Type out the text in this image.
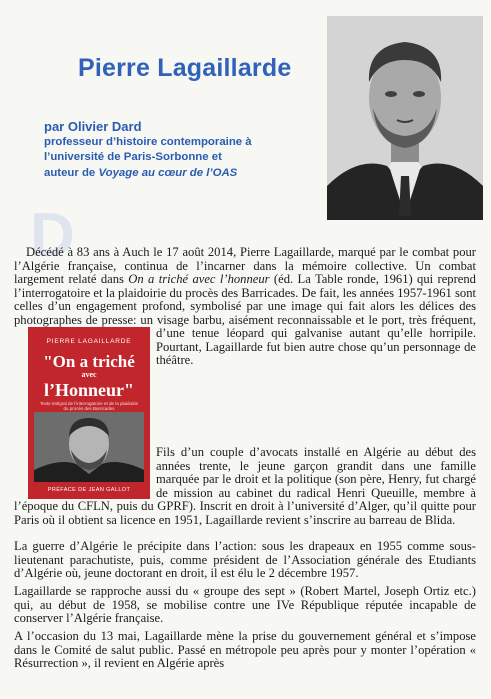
Pierre Lagaillarde
par Olivier Dard
professeur d’histoire contemporaine à
l’université de Paris-Sorbonne et
auteur de Voyage au cœur de l’OAS
D

Décédé à 83 ans à Auch le 17 août 2014, Pierre Lagaillarde, marqué par le combat pour l’Algérie française, continua de l’incarner dans la mémoire collective. Un combat largement relaté dans On a triché avec l’honneur (éd. La Table ronde, 1961) qui reprend l’interrogatoire et la plaidoirie du procès des Barricades. De fait, les années 1957-1961 sont celles d’un engagement profond, symbolisé par une image qui fait alors les délices des photographes de presse: un visage barbu, aisément reconnaissable et le port, très fréquent, d’une tenue léopard qui galvanise autant qu’elle horripile. Pourtant, Lagaillarde fut bien autre chose qu’un personnage de théâtre.

PIERRE LAGAILLARDE
"On a triché
avec
l’Honneur"
Texte intégral de l’interrogatoire et de la plaidoirie du procès des Barricades
PRÉFACE DE JEAN GALLOT

Fils d’un couple d’avocats installé en Algérie au début des années trente, le jeune garçon grandit dans une famille marquée par le droit et la politique (son père, Henry, fut chargé de mission au cabinet du radical Henri Queuille, membre à l’époque du CFLN, puis du GPRF). Inscrit en droit à l’université d’Alger, qu’il quitte pour Paris où il obtient sa licence en 1951, Lagaillarde revient s’inscrire au barreau de Blida.

La guerre d’Algérie le précipite dans l’action: sous les drapeaux en 1955 comme sous-lieutenant parachutiste, puis, comme président de l’Association générale des Etudiants d’Algérie où, jeune doctorant en droit, il est élu le 2 décembre 1957.

Lagaillarde se rapproche aussi du « groupe des sept » (Robert Martel, Joseph Ortiz etc.) qui, au début de 1958, se mobilise contre une IVe République réputée incapable de conserver l’Algérie française.

A l’occasion du 13 mai, Lagaillarde mène la prise du gouvernement général et s’impose dans le Comité de salut public. Passé en métropole peu après pour y monter l’opération « Résurrection », il revient en Algérie après
